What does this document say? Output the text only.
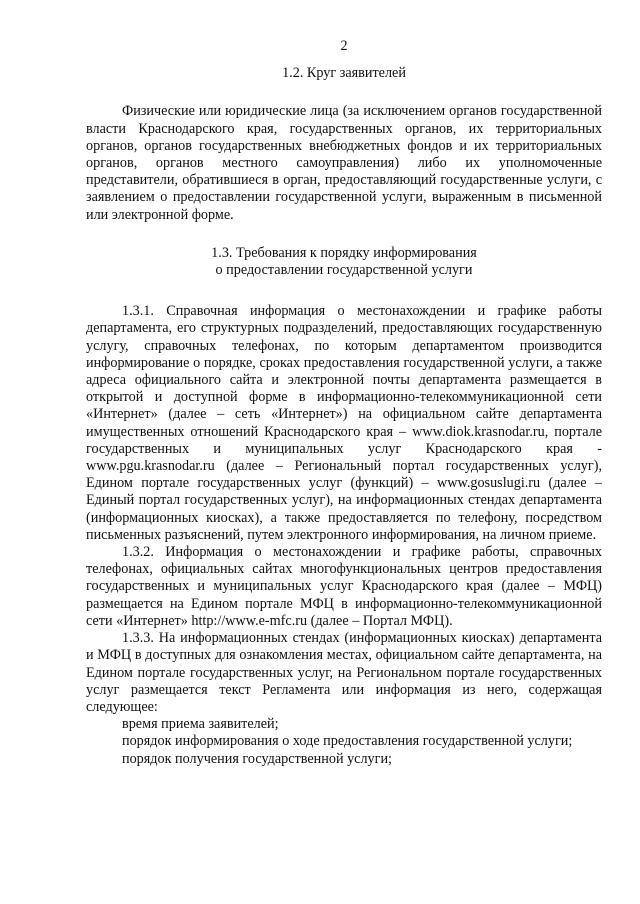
2

1.2. Круг заявителей

Физические или юридические лица (за исключением органов государственной власти Краснодарского края, государственных органов, их территориальных органов, органов государственных внебюджетных фондов и их территориальных органов, органов местного самоуправления) либо их уполномоченные представители, обратившиеся в орган, предоставляющий государственные услуги, с заявлением о предоставлении государственной услуги, выраженным в письменной или электронной форме.

1.3. Требования к порядку информирования

о предоставлении государственной услуги

1.3.1. Справочная информация о местонахождении и графике работы департамента, его структурных подразделений, предоставляющих государственную услугу, справочных телефонах, по которым департаментом производится информирование о порядке, сроках предоставления государственной услуги, а также адреса официального сайта и электронной почты департамента размещается в открытой и доступной форме в информационно-телекоммуникационной сети «Интернет» (далее – сеть «Интернет») на официальном сайте департамента имущественных отношений Краснодарского края – www.diok.krasnodar.ru, портале государственных и муниципальных услуг Краснодарского края - www.pgu.krasnodar.ru (далее – Региональный портал государственных услуг), Едином портале государственных услуг (функций) – www.gosuslugi.ru (далее – Единый портал государственных услуг), на информационных стендах департамента (информационных киосках), а также предоставляется по телефону, посредством письменных разъяснений, путем электронного информирования, на личном приеме.

1.3.2. Информация о местонахождении и графике работы, справочных телефонах, официальных сайтах многофункциональных центров предоставления государственных и муниципальных услуг Краснодарского края (далее – МФЦ) размещается на Едином портале МФЦ в информационно-телекоммуникационной сети «Интернет» http://www.e-mfc.ru (далее – Портал МФЦ).

1.3.3. На информационных стендах (информационных киосках) департамента и МФЦ в доступных для ознакомления местах, официальном сайте департамента, на Едином портале государственных услуг, на Региональном портале государственных услуг размещается текст Регламента или информация из него, содержащая следующее:

время приема заявителей;

порядок информирования о ходе предоставления государственной услуги;

порядок получения государственной услуги;
